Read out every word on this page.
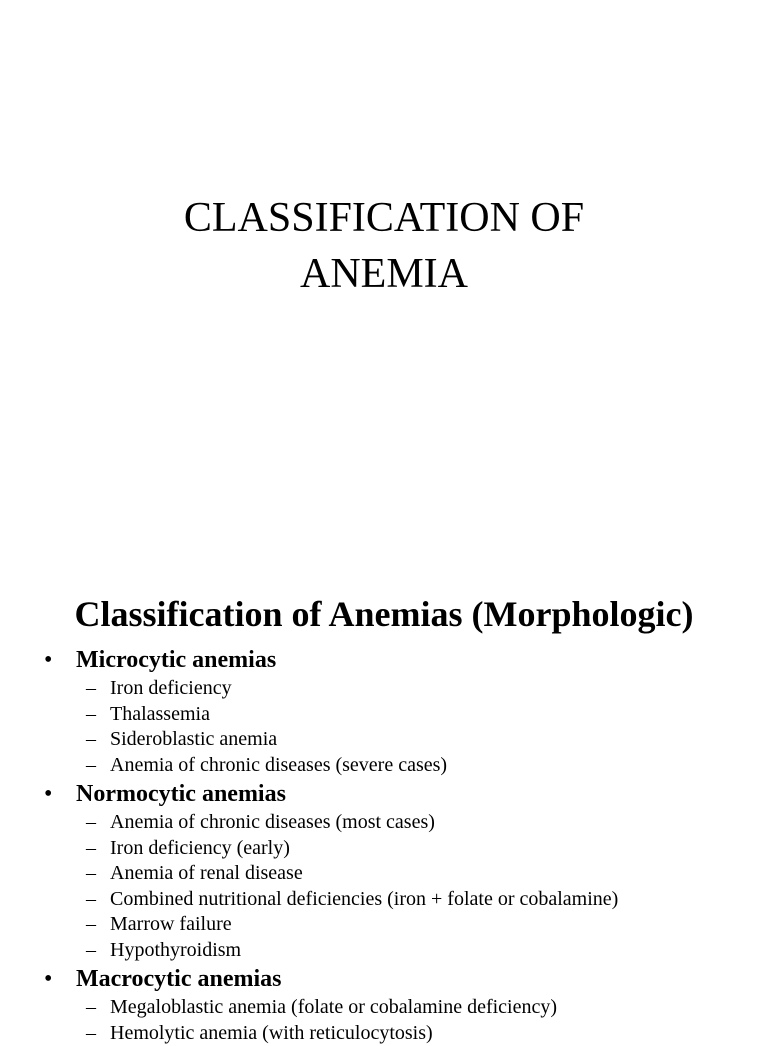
CLASSIFICATION OF
ANEMIA
Classification of Anemias (Morphologic)
• Microcytic anemias
– Iron deficiency
– Thalassemia
– Sideroblastic anemia
– Anemia of chronic diseases (severe cases)
• Normocytic anemias
– Anemia of chronic diseases (most cases)
– Iron deficiency (early)
– Anemia of renal disease
– Combined nutritional deficiencies (iron + folate or cobalamine)
– Marrow failure
– Hypothyroidism
• Macrocytic anemias
– Megaloblastic anemia (folate or cobalamine deficiency)
– Hemolytic anemia (with reticulocytosis)
